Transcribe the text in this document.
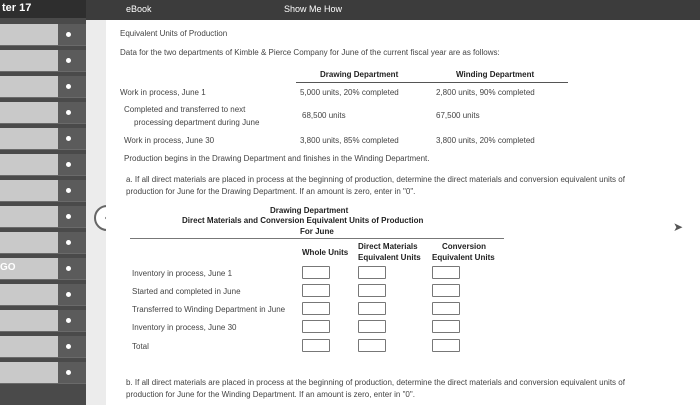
ter 17
GO
eBook	Show Me How
Equivalent Units of Production
Data for the two departments of Kimble & Pierce Company for June of the current fiscal year are as follows:
Drawing Department	Winding Department
Work in process, June 1	5,000 units, 20% completed	2,800 units, 90% completed
Completed and transferred to next
processing department during June
68,500 units	67,500 units
Work in process, June 30	3,800 units, 85% completed	3,800 units, 20% completed
Production begins in the Drawing Department and finishes in the Winding Department.
a. If all direct materials are placed in process at the beginning of production, determine the direct materials and conversion equivalent units of
production for June for the Drawing Department. If an amount is zero, enter in "0".
Drawing Department
Direct Materials and Conversion Equivalent Units of Production
For June
Whole Units
Direct Materials
Equivalent Units
Conversion
Equivalent Units
Inventory in process, June 1
Started and completed in June
Transferred to Winding Department in June
Inventory in process, June 30
Total
b. If all direct materials are placed in process at the beginning of production, determine the direct materials and conversion equivalent units of
production for June for the Winding Department. If an amount is zero, enter in "0".
➤
